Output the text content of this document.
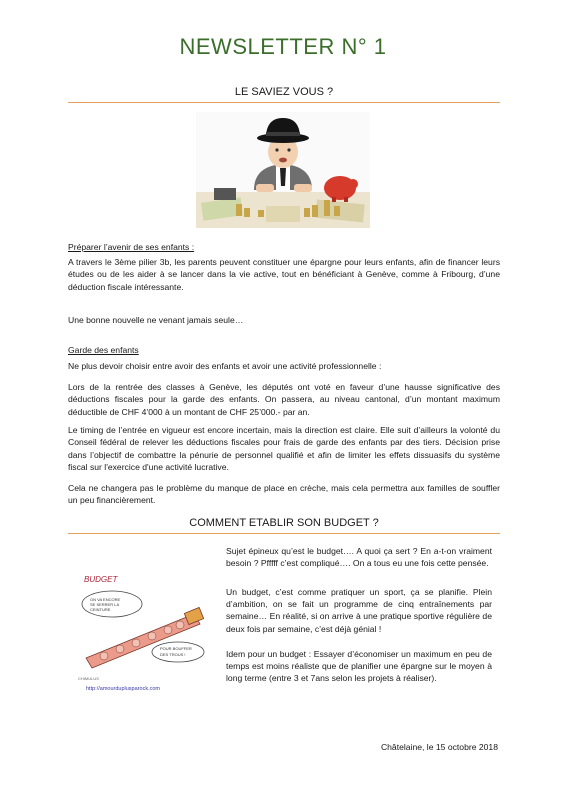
NEWSLETTER N° 1
LE SAVIEZ VOUS ?
Préparer l’avenir de ses enfants :
A travers le 3ème pilier 3b, les parents peuvent constituer une épargne pour leurs enfants, afin de financer leurs études ou de les aider à se lancer dans la vie active, tout en bénéficiant à Genève, comme à Fribourg, d’une déduction fiscale intéressante.
Une bonne nouvelle ne venant jamais seule…
Garde des enfants
Ne plus devoir choisir entre avoir des enfants et avoir une activité professionnelle :
Lors de la rentrée des classes à Genève, les députés ont voté en faveur d’une hausse significative des déductions fiscales pour la garde des enfants. On passera, au niveau cantonal, d’un montant maximum déductible de CHF 4’000 à un montant de CHF 25’000.- par an.
Le timing de l’entrée en vigueur est encore incertain, mais la direction est claire. Elle suit d’ailleurs la volonté du Conseil fédéral de relever les déductions fiscales pour frais de garde des enfants par des tiers. Décision prise dans l’objectif de combattre la pénurie de personnel qualifié et afin de limiter les effets dissuasifs du système fiscal sur l'exercice d'une activité lucrative.
Cela ne changera pas le problème du manque de place en crèche, mais cela permettra aux familles de souffler un peu financièrement.
COMMENT ETABLIR SON BUDGET ?
BUDGET
ON VA ENCORE
SE SERRER LA
CEINTURE
POUR BOUFFER
DES TROUS !
CHIMULUS
http://amourduplusparock.com
Sujet épineux qu’est le budget…. A quoi ça sert ? En a-t-on vraiment besoin ? Pfffff c’est compliqué…. On a tous eu une fois cette pensée.
Un budget, c’est comme pratiquer un sport, ça se planifie. Plein d’ambition, on se fait un programme de cinq entraînements par semaine… En réalité, si on arrive à une pratique sportive régulière de deux fois par semaine, c’est déjà génial !
Idem pour un budget : Essayer d’économiser un maximum en peu de temps est moins réaliste que de planifier une épargne sur le moyen à long terme (entre 3 et 7ans selon les projets à réaliser).
Châtelaine, le 15 octobre 2018
